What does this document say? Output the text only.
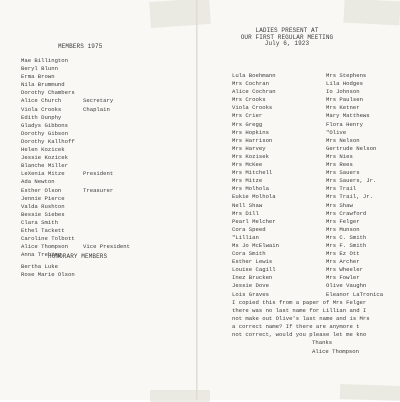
MEMBERS 1975
Mae Billington
Beryl Blunn
Erma Brown
Nila Brummund
Dorothy Chambers
Alice Church	Secretary
Viola Crooks	Chaplain
Edith Dunphy
Gladys Gibbons
Dorothy Gibson
Dorothy Kallhoff
Helen Kozicek
Jessie Kozicek
Blanche Miller
LeXenia Mitze	President
Ada Newton
Esther Olson	Treasurer
Jennie Pierce
Valda Rushton
Bessie Siebes
Clara Smith
Ethel Tackett
Caroline Tolbott
Alice Thompson	Vice President
Anna Trebing
HONORARY MEMBERS
Bertha Luke
Rose Marie Olson
LADIES PRESENT AT
OUR FIRST REGULAR MEETING
July 6, 1923
Lula Boehmann
Mrs Cochran
Alice Cochran
Mrs Crooks
Viola Crooks
Mrs Crier
Mrs Gregg
Mrs Hopkins
Mrs Harrison
Mrs Harvey
Mrs Kozisek
Mrs McKee
Mrs Mitchell
Mrs Mitze
Mrs Molhola
Eukie Molhola
Nell Shaw
Mrs Dill
Pearl Melcher
Cora Speed
"Lillian
Ms Jo McElwain
Cora Smith
Esther Lewis
Louise Cagill
Inez Brucken
Jessie Dove
Lois Graves
Mrs Stephens
Lila Hodges
Io Johnson
Mrs Paulsen
Mrs Ketner
Mary Matthews
Flora Henry
"Olive
Mrs Nelson
Gertrude Nelson
Mrs Nies
Mrs Rees
Mrs Sauers
Mrs Sauers, Jr.
Mrs Trail
Mrs Trail, Jr.
Mrs Shaw
Mrs Crawford
Mrs Felger
Mrs Munson
Mrs C. Smith
Mrs F. Smith
Mrs Ez Ott
Mrs Archer
Mrs Wheeler
Mrs Fowler
Olive Vaughn
Eleanor LaTronica
I copied this from a paper of Mrs Felger
there was no last name for Lillian and I
not make out Olive's last name and is Mrs
a correct name? If there are anymore t
not correct, would you please let me kno
Thanks
Alice Thompson
